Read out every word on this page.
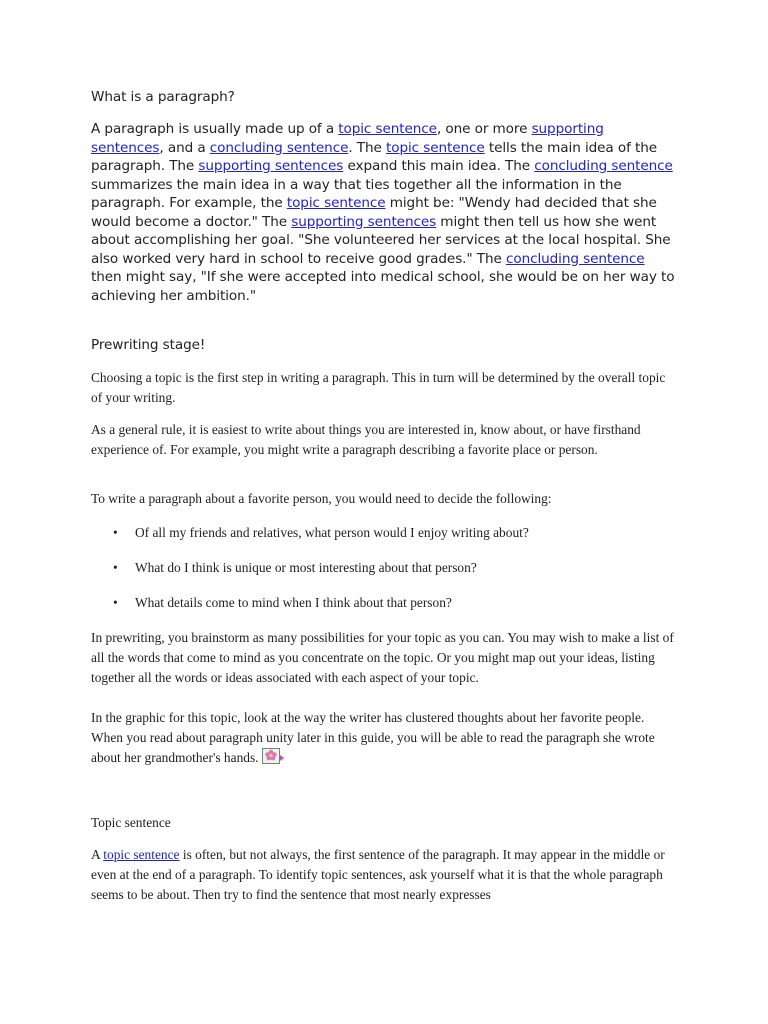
What is a paragraph?

A paragraph is usually made up of a topic sentence, one or more supporting sentences, and a concluding sentence. The topic sentence tells the main idea of the paragraph. The supporting sentences expand this main idea. The concluding sentence summarizes the main idea in a way that ties together all the information in the paragraph. For example, the topic sentence might be: "Wendy had decided that she would become a doctor." The supporting sentences might then tell us how she went about accomplishing her goal. "She volunteered her services at the local hospital. She also worked very hard in school to receive good grades." The concluding sentence then might say, "If she were accepted into medical school, she would be on her way to achieving her ambition."

Prewriting stage!

Choosing a topic is the first step in writing a paragraph. This in turn will be determined by the overall topic of your writing.

As a general rule, it is easiest to write about things you are interested in, know about, or have firsthand experience of. For example, you might write a paragraph describing a favorite place or person.

To write a paragraph about a favorite person, you would need to decide the following:

• Of all my friends and relatives, what person would I enjoy writing about?
• What do I think is unique or most interesting about that person?
• What details come to mind when I think about that person?

In prewriting, you brainstorm as many possibilities for your topic as you can. You may wish to make a list of all the words that come to mind as you concentrate on the topic. Or you might map out your ideas, listing together all the words or ideas associated with each aspect of your topic.

In the graphic for this topic, look at the way the writer has clustered thoughts about her favorite people. When you read about paragraph unity later in this guide, you will be able to read the paragraph she wrote about her grandmother's hands.

Topic sentence

A topic sentence is often, but not always, the first sentence of the paragraph. It may appear in the middle or even at the end of a paragraph. To identify topic sentences, ask yourself what it is that the whole paragraph seems to be about. Then try to find the sentence that most nearly expresses
